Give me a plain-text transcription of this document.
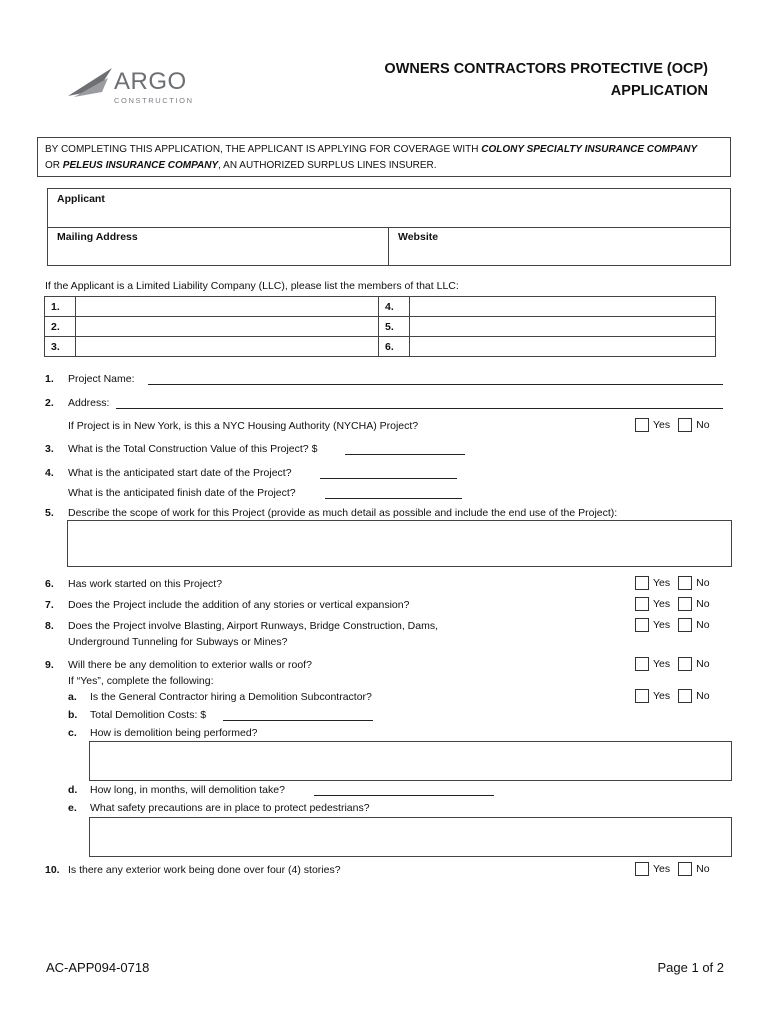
ARGO
CONSTRUCTION
OWNERS CONTRACTORS PROTECTIVE (OCP)
APPLICATION
BY COMPLETING THIS APPLICATION, THE APPLICANT IS APPLYING FOR COVERAGE WITH COLONY SPECIALTY INSURANCE COMPANY
OR PELEUS INSURANCE COMPANY, AN AUTHORIZED SURPLUS LINES INSURER.
Applicant
Mailing Address	Website
If the Applicant is a Limited Liability Company (LLC), please list the members of that LLC:
1.		4.	
2.		5.	
3.		6.	
1. Project Name:
2. Address:
If Project is in New York, is this a NYC Housing Authority (NYCHA) Project?	Yes No
3. What is the Total Construction Value of this Project? $
4. What is the anticipated start date of the Project?
What is the anticipated finish date of the Project?
5. Describe the scope of work for this Project (provide as much detail as possible and include the end use of the Project):
6. Has work started on this Project?	Yes No
7. Does the Project include the addition of any stories or vertical expansion?	Yes No
8. Does the Project involve Blasting, Airport Runways, Bridge Construction, Dams,
Underground Tunneling for Subways or Mines?
Yes No
9. Will there be any demolition to exterior walls or roof?	Yes No
If “Yes”, complete the following:
a. Is the General Contractor hiring a Demolition Subcontractor?	Yes No
b. Total Demolition Costs: $
c. How is demolition being performed?
d. How long, in months, will demolition take?
e. What safety precautions are in place to protect pedestrians?
10. Is there any exterior work being done over four (4) stories?	Yes No
AC-APP094-0718	Page 1 of 2
